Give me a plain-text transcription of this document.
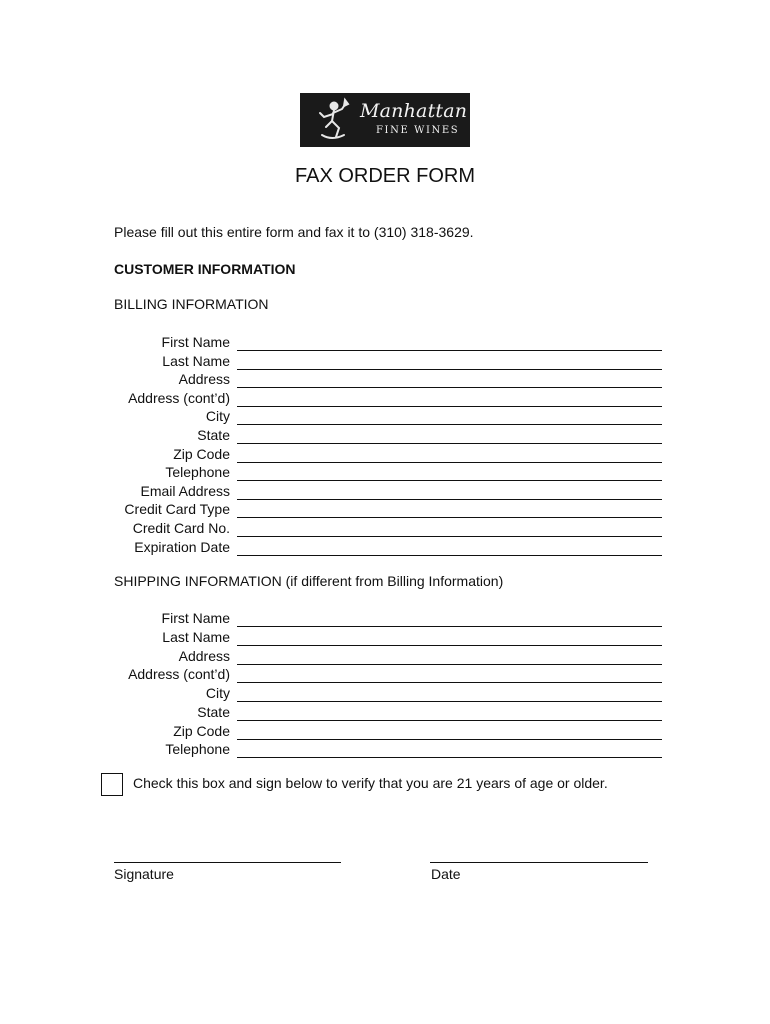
Manhattan
FINE WINES
FAX ORDER FORM
Please fill out this entire form and fax it to (310) 318-3629.
CUSTOMER INFORMATION
BILLING INFORMATION
First Name
Last Name
Address
Address (cont’d)
City
State
Zip Code
Telephone
Email Address
Credit Card Type
Credit Card No.
Expiration Date
SHIPPING INFORMATION (if different from Billing Information)
First Name
Last Name
Address
Address (cont’d)
City
State
Zip Code
Telephone
Check this box and sign below to verify that you are 21 years of age or older.
Signature	Date
